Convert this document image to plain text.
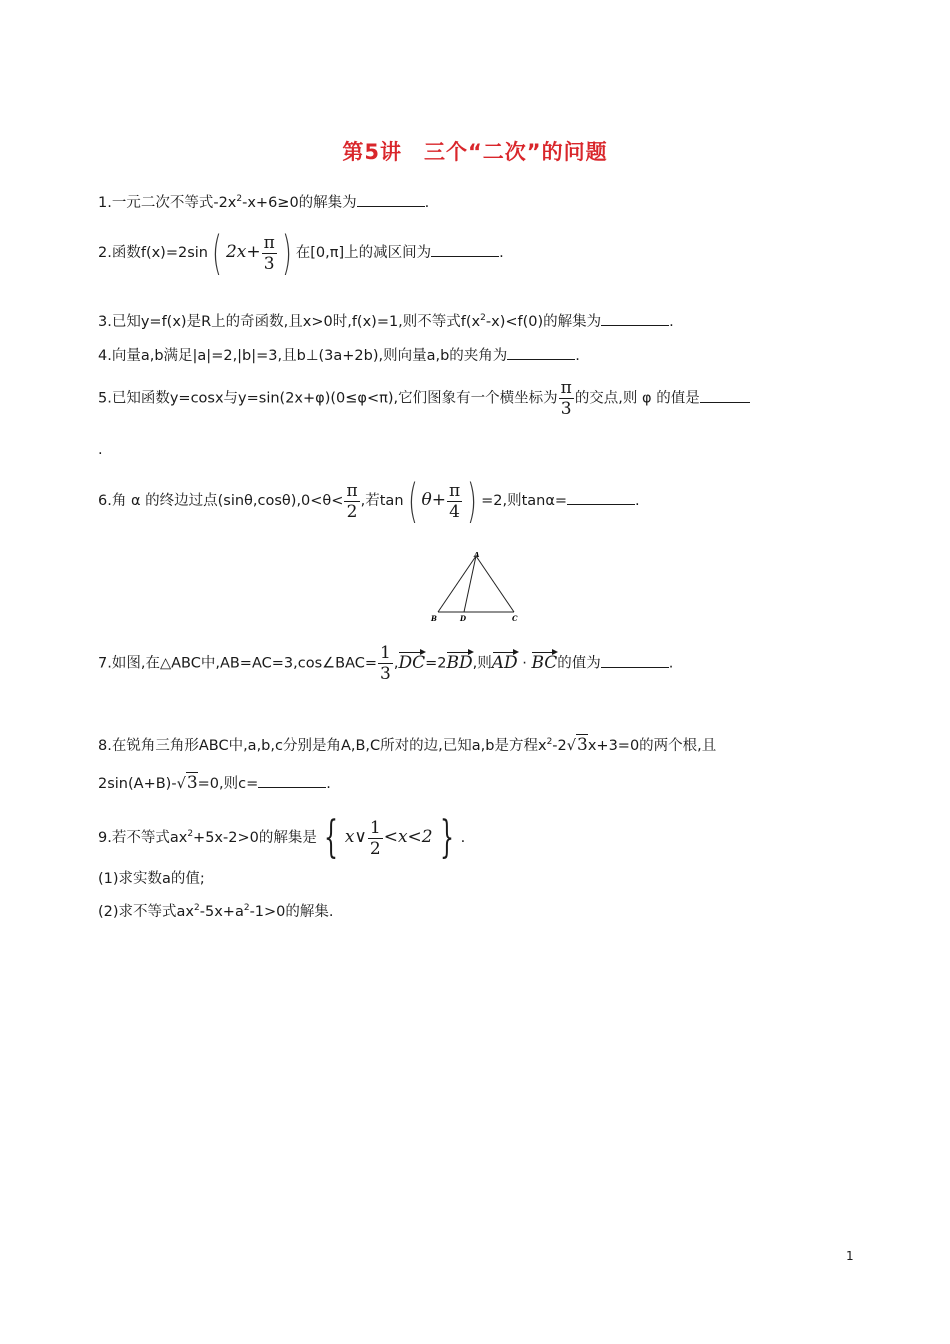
第5讲　三个“二次”的问题
1.一元二次不等式$-2x^2-x+6\ge 0$的解集为	.
2.函数f(x)=2sin( $2x+ \frac{\pi}{3}$ ) 在[0,π]上的减区间为	.
3.已知y=f(x)是R上的奇函数,且x>0时,f(x)=1,则不等式$f(x^2-x)<f(0)$的解集为	.
4.向量a,b满足|a|=2,|b|=3,且b⊥(3a+2b),则向量a,b的夹角为	.
5.已知函数y=cosx与y=sin(2x+φ)(0≤φ<π),它们图象有一个横坐标为 $\frac{\pi}{3}$ 的交点,则 φ 的值是
.
6.角 α 的终边过点$(\sin\theta,\cos\theta),0<\theta< \frac{\pi}{2}$ ,若tan( $\theta+ \frac{\pi}{4}$ ) =2,则tanα=	.
A
B	D	C
7.如图,在△ABC中,AB=AC=3,cos∠BAC= $\frac{1}{3} ,DC=2BD$,则AD · BC的值为	.
8.在锐角三角形ABC中,a,b,c分别是角A,B,C所对的边,已知a,b是方程$x^2-2√3x+3=0$的两个根,且
2sin(A+B)-√3=0,则c=	.
9.若不等式$ax^2+5x-2>0$的解集是 { x∨ $\frac{1}{2} <x<2$ } .
(1)求实数a的值;
(2)求不等式$ax^2-5x+a^2-1>0$的解集.
1
